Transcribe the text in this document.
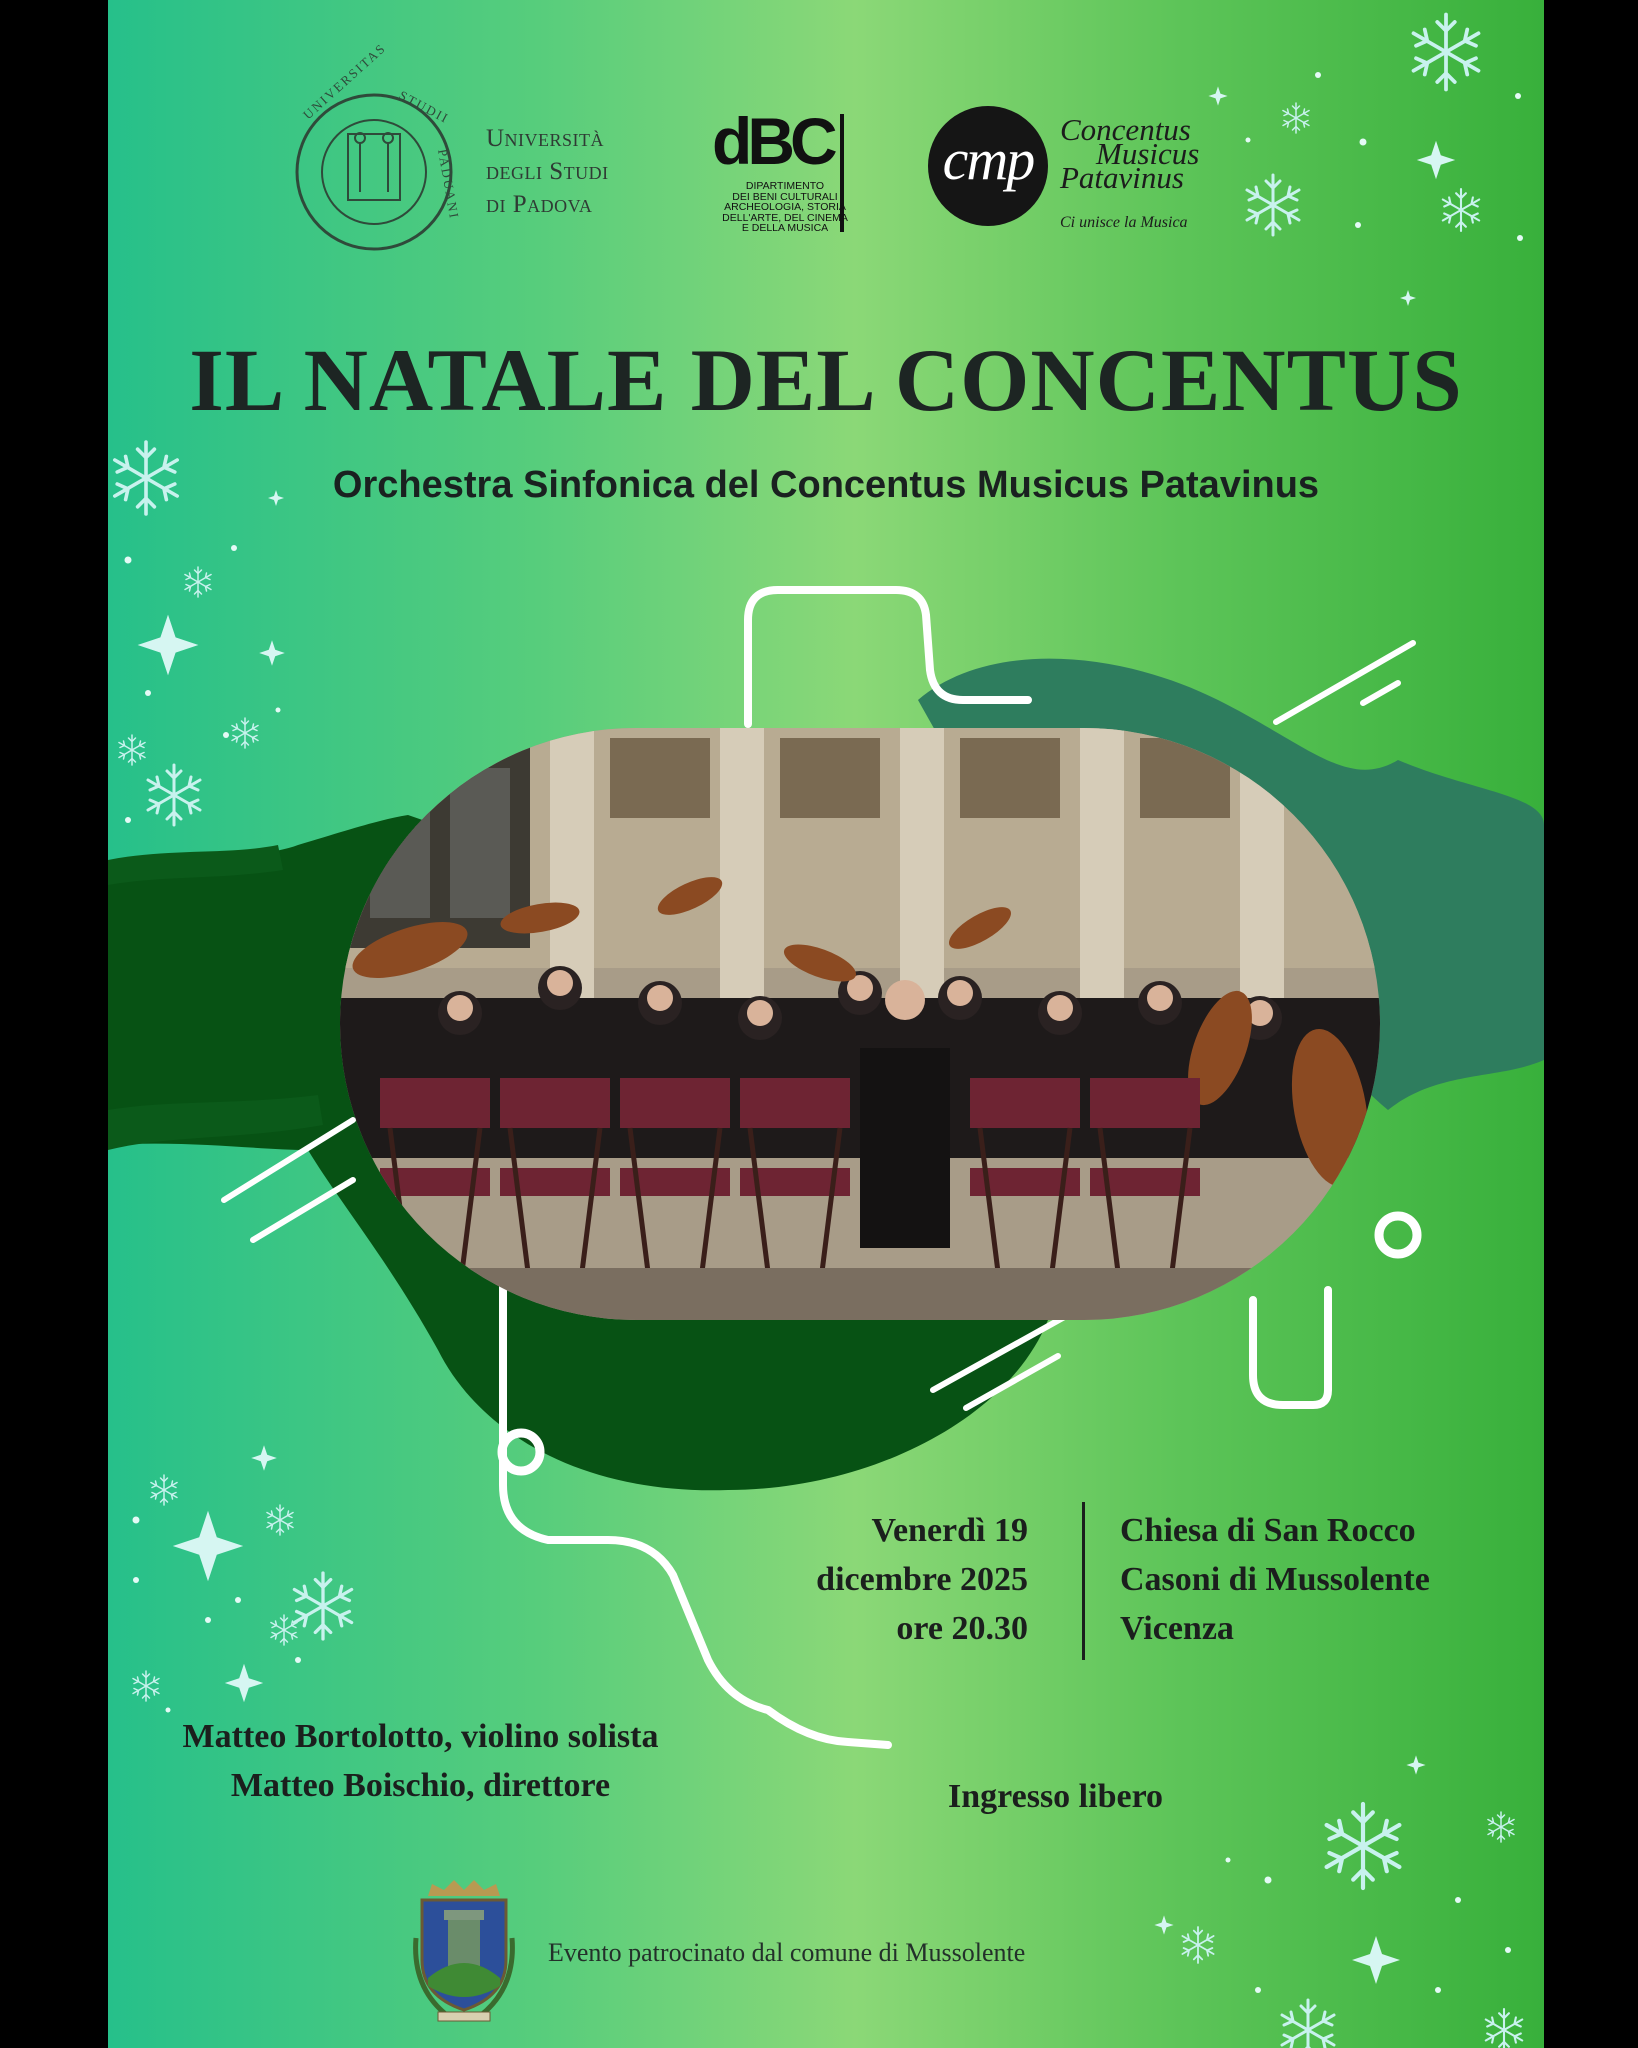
UNIVERSITAS STUDII
PADUANI
Università
degli Studi
di Padova
dBC
DIPARTIMENTO
DEI BENI CULTURALI
ARCHEOLOGIA, STORIA
DELL'ARTE, DEL CINEMA
E DELLA MUSICA
cmp Concentus
Musicus
Patavinus
Ci unisce la Musica
IL NATALE DEL CONCENTUS
Orchestra Sinfonica del Concentus Musicus Patavinus
Venerdì 19
dicembre 2025
ore 20.30
Chiesa di San Rocco
Casoni di Mussolente
Vicenza
Matteo Bortolotto, violino solista
Matteo Boischio, direttore	Ingresso libero
Evento patrocinato dal comune di Mussolente
